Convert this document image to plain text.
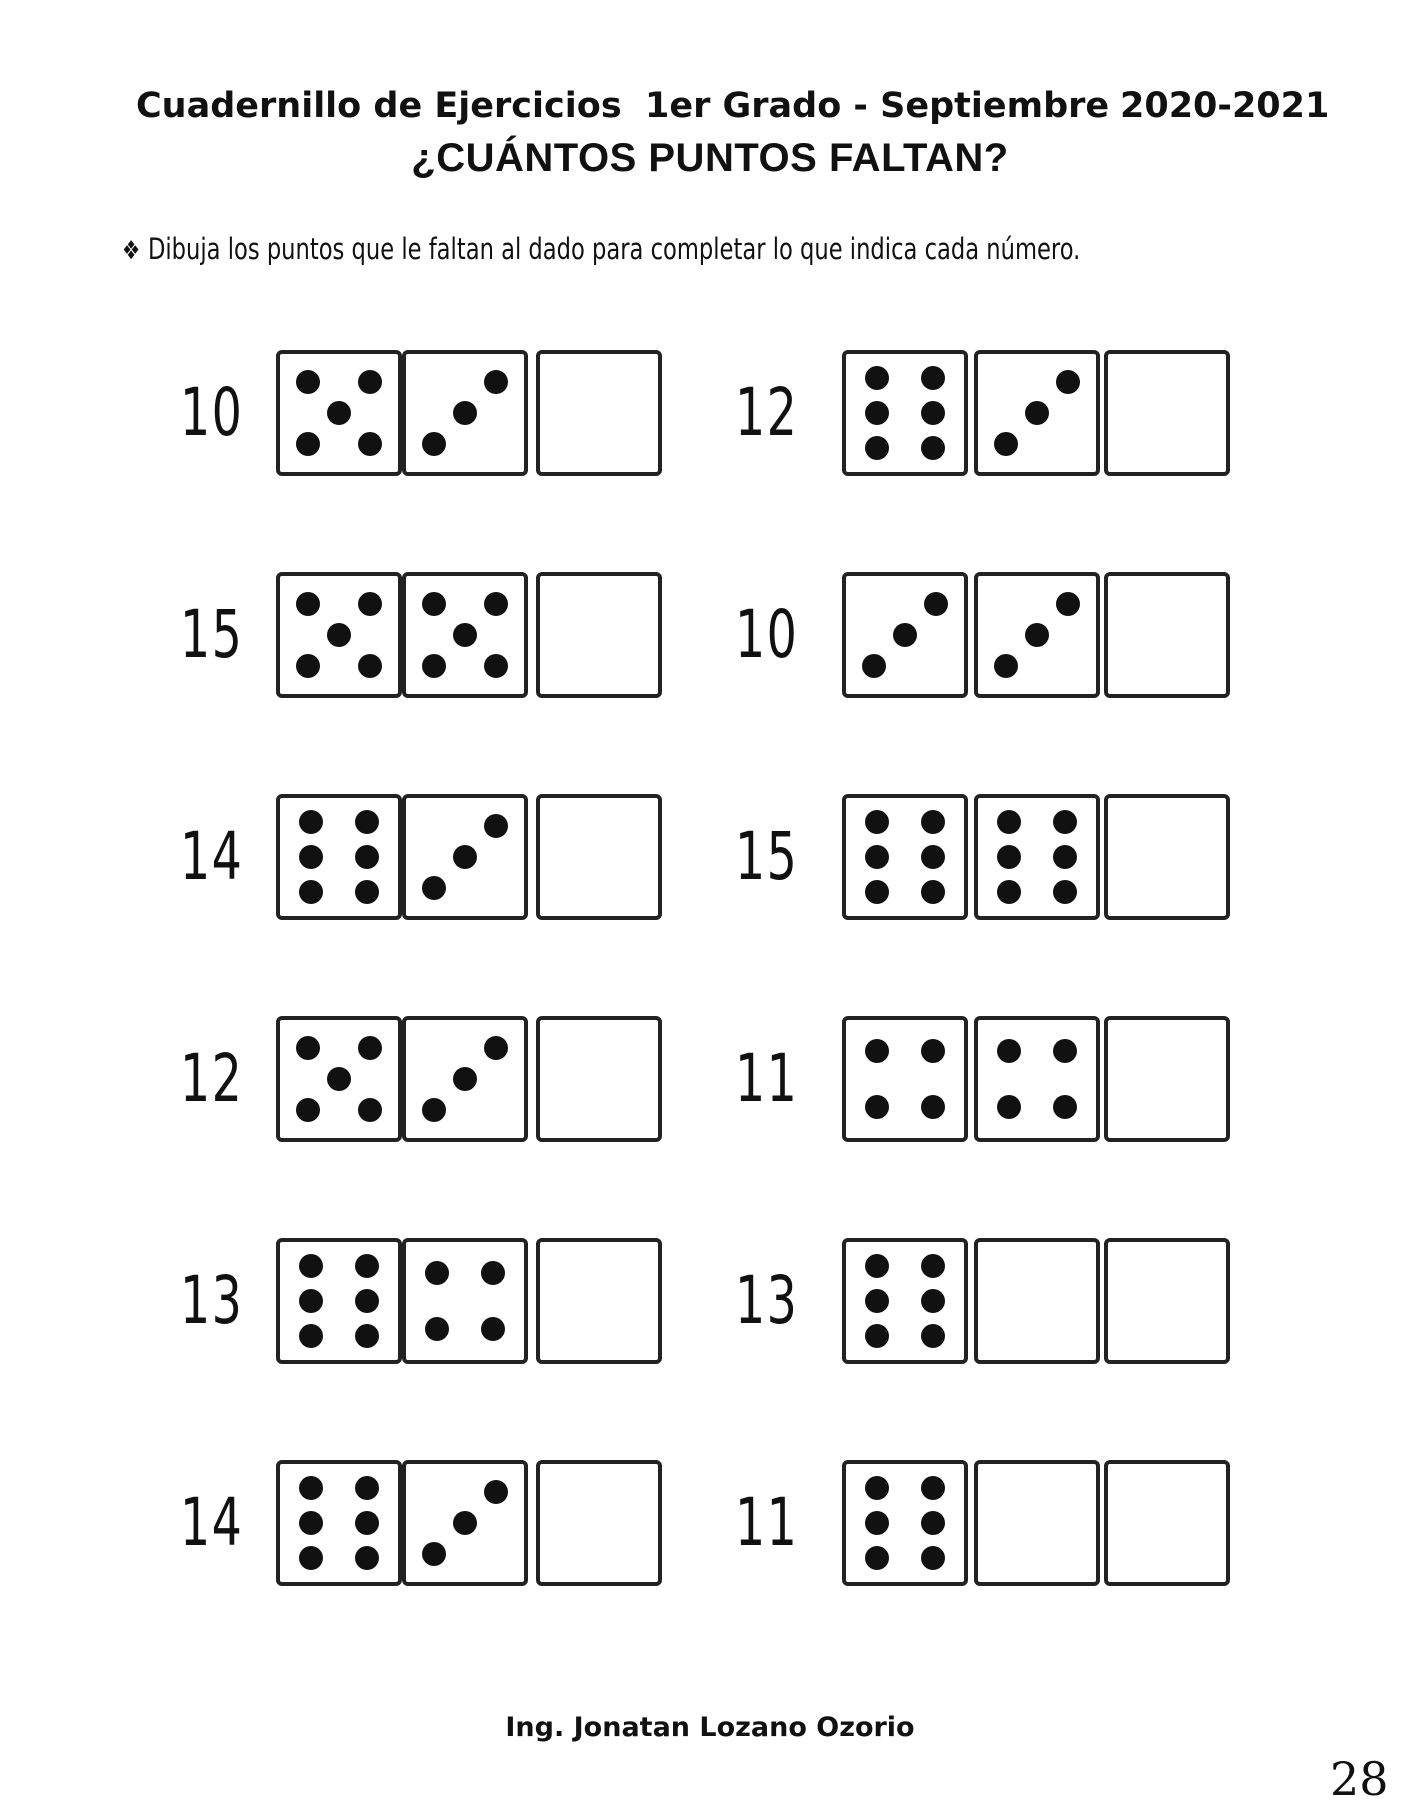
Cuadernillo de Ejercicios 1er Grado - Septiembre 2020-2021
¿CUÁNTOS PUNTOS FALTAN?
❖ Dibuja los puntos que le faltan al dado para completar lo que indica cada número.
10	12
15	10
14	15
12	11
13	13
14	11
Ing. Jonatan Lozano Ozorio
28
